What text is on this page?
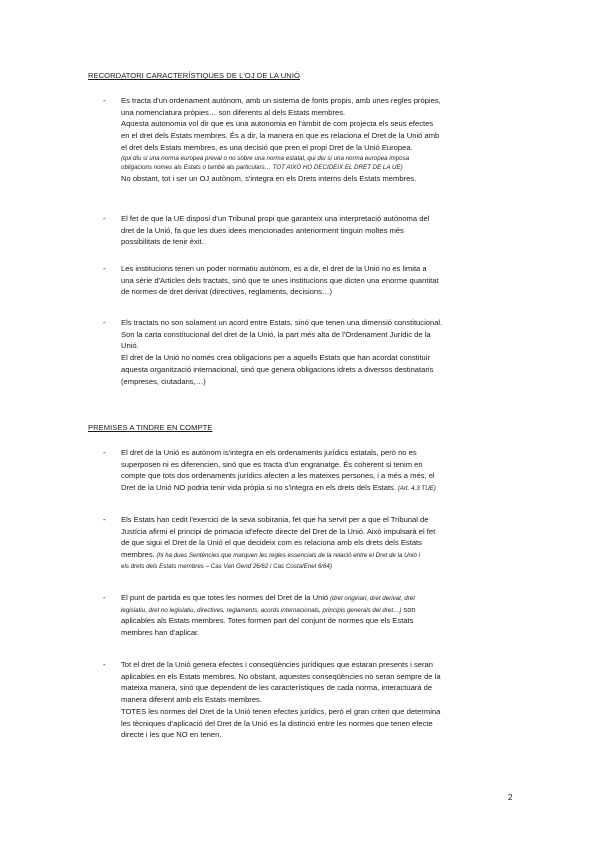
RECORDATORI CARACTERÍSTIQUES DE L'OJ DE LA UNIÓ
- Es tracta d'un ordenament autònom, amb un sistema de fonts propis, amb unes regles pròpies,
una nomenclatura pròpies… son diferents al dels Estats membres.
Aquesta autonomia vol dir que es una autonomia en l'àmbit de com projecta els seus efectes
en el dret dels Estats membres. És a dir, la manera en que es relaciona el Dret de la Unió amb
el dret dels Estats membres, es una decisió que pren el propi Dret de la Unió Europea.
(qui diu si una norma europea preval o no sobre una norma estatal, qui diu si una norma europea imposa
obligacions nomes als Estats o també als particulars… TOT AIXÒ HO DECIDEIX EL DRET DE LA UE)
No obstant, tot i ser un OJ autònom, s'integra en els Drets interns dels Estats membres.
- El fet de que la UE disposi d'un Tribunal propi que garanteix una interpretació autònoma del
dret de la Unió, fa que les dues idees mencionades anteriorment tinguin moltes més
possibilitats de tenir èxit.
- Les institucions tenen un poder normatiu autònom, es a dir, el dret de la Unió no es limita a
una sèrie d'Articles dels tractats, sinó que te unes institucions que dicten una enorme quantitat
de normes de dret derivat (directives, reglaments, decisions…)
- Els tractats no son solament un acord entre Estats, sinó que tenen una dimensió constitucional.
Son la carta constitucional del dret de la Unió, la part més alta de l'Ordenament Jurídic de la
Unió.
El dret de la Unió no només crea obligacions per a aquells Estats que han acordat constituir
aquesta organització internacional, sinó que genera obligacions idrets a diversos destinataris
(empreses, ciutadans,…)
PREMISES A TINDRE EN COMPTE
- El dret de la Unió es autònom is'integra en els ordenaments jurídics estatals, però no es
superposen ni es diferencien, sinó que es tracta d'un engranatge. És coherent si tenim en
compte que tots dos ordenaments jurídics afecten a les mateixes persones, i a més a més, el
Dret de la Unió NO podria tenir vida pròpia si no s'integra en els drets dels Estats. (Art. 4.3 TUE)
- Els Estats han cedit l'exercici de la seva sobirania, fet que ha servit per a que el Tribunal de
Justícia afirmi el principi de primacia id'efecte directe del Dret de la Unió. Això impulsarà el fet
de que sigui el Dret de la Unió el que decideix com es relaciona amb els drets dels Estats
membres. (hi ha dues Sentències que marquen les regles essencials de la relació entre el Dret de la Unió i
els drets dels Estats membres – Cas Van Gend 26/62 i Cas Costa/Enel 6/64)
- El punt de partida es que totes les normes del Dret de la Unió (dret originari, dret derivat, dret
legislatiu, dret no legislatiu, directives, reglaments, acords internacionals, principis generals del dret…) son
aplicables als Estats membres. Totes formen part del conjunt de normes que els Estats
membres han d'aplicar.
- Tot el dret de la Unió genera efectes i conseqüències jurídiques que estaran presents i seran
aplicables en els Estats membres. No obstant, aquestes conseqüències no seran sempre de la
mateixa manera, sinó que dependent de les característiques de cada norma, interactuarà de
manera diferent amb els Estats membres.
TOTES les normes del Dret de la Unió tenen efectes jurídics, però el gran criteri que determina
les tècniques d'aplicació del Dret de la Unió es la distinció entre les normes que tenen efecte
directe i les que NO en tenen.
2
